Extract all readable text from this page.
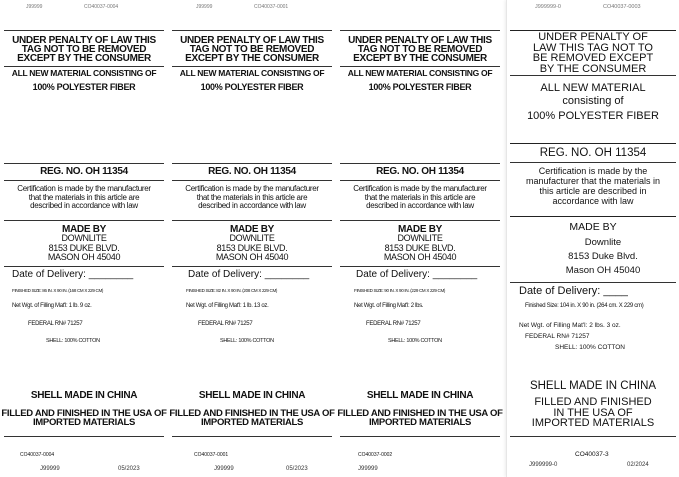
J99999	CO40037-0004
UNDER PENALTY OF LAW THIS
TAG NOT TO BE REMOVED
EXCEPT BY THE CONSUMER
ALL NEW MATERIAL CONSISTING OF
100% POLYESTER FIBER
REG. NO. OH 11354
Certification is made by the manufacturer
that the materials in this article are
described in accordance with law
MADE BY
DOWNLITE
8153 DUKE BLVD.
MASON OH 45040
Date of Delivery: ________
FINISHED SIZE: 86 IN. X 90 IN. (168 CM X 229 CM)
Net Wgt. of Filling Mat'l: 1 lb. 9 oz.
FEDERAL RN# 71257
SHELL: 100% COTTON
SHELL MADE IN CHINA
FILLED AND FINISHED IN THE USA OF
IMPORTED MATERIALS
CO40037-0004
J99999	05/2023
J99999	CO40037-0001
UNDER PENALTY OF LAW THIS
TAG NOT TO BE REMOVED
EXCEPT BY THE CONSUMER
ALL NEW MATERIAL CONSISTING OF
100% POLYESTER FIBER
REG. NO. OH 11354
Certification is made by the manufacturer
that the materials in this article are
described in accordance with law
MADE BY
DOWNLITE
8153 DUKE BLVD.
MASON OH 45040
Date of Delivery: ________
FINISHED SIZE: 82 IN. X 90 IN. (208 CM X 229 CM)
Net Wgt. of Filling Mat'l: 1 lb. 13 oz.
FEDERAL RN# 71257
SHELL: 100% COTTON
SHELL MADE IN CHINA
FILLED AND FINISHED IN THE USA OF
IMPORTED MATERIALS
CO40037-0001
J99999	05/2023
UNDER PENALTY OF LAW THIS
TAG NOT TO BE REMOVED
EXCEPT BY THE CONSUMER
ALL NEW MATERIAL CONSISTING OF
100% POLYESTER FIBER
REG. NO. OH 11354
Certification is made by the manufacturer
that the materials in this article are
described in accordance with law
MADE BY
DOWNLITE
8153 DUKE BLVD.
MASON OH 45040
Date of Delivery: ________
FINISHED SIZE: 90 IN. X 90 IN. (229 CM X 229 CM)
Net Wgt. of Filling Mat'l: 2 lbs.
FEDERAL RN# 71257
SHELL: 100% COTTON
SHELL MADE IN CHINA
FILLED AND FINISHED IN THE USA OF
IMPORTED MATERIALS
CO40037-0002
J99999
J999999-0	CO40037-0003
UNDER PENALTY OF
LAW THIS TAG NOT TO
BE REMOVED EXCEPT
BY THE CONSUMER
ALL NEW MATERIAL
consisting of
100% POLYESTER FIBER
REG. NO. OH 11354
Certification is made by the
manufacturer that the materials in
this article are described in
accordance with law
MADE BY
Downlite
8153 Duke Blvd.
Mason OH 45040
Date of Delivery: ____
Finished Size: 104 in. X 90 in. (264 cm. X 229 cm)
Net Wgt. of Filling Mat'l: 2 lbs. 3 oz.
FEDERAL RN# 71257
SHELL: 100% COTTON
SHELL MADE IN CHINA
FILLED AND FINISHED
IN THE USA OF
IMPORTED MATERIALS
CO40037-3
J999999-0	02/2024
